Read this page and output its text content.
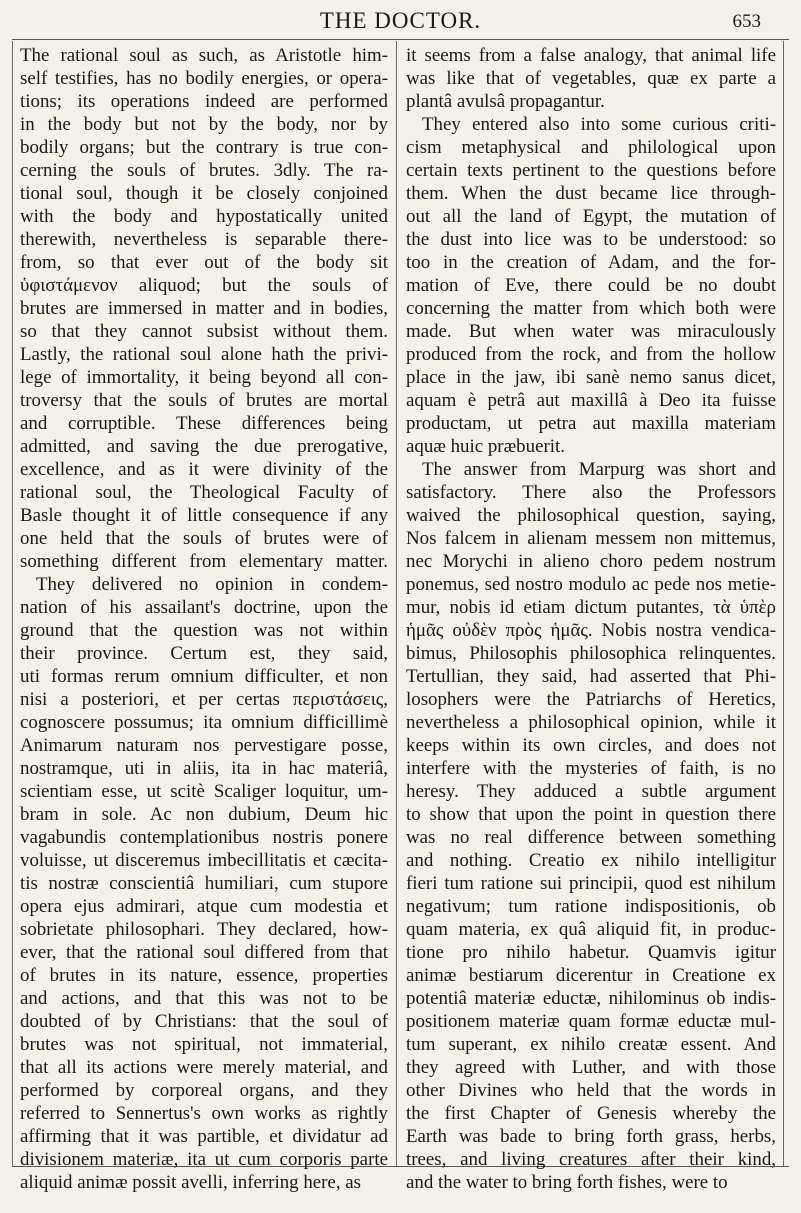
THE DOCTOR.	653
The rational soul as such, as Aristotle him-
self testifies, has no bodily energies, or opera-
tions; its operations indeed are performed
in the body but not by the body, nor by
bodily organs; but the contrary is true con-
cerning the souls of brutes. 3dly. The ra-
tional soul, though it be closely conjoined
with the body and hypostatically united
therewith, nevertheless is separable there-
from, so that ever out of the body sit
ὑφιστάμενον aliquod; but the souls of
brutes are immersed in matter and in bodies,
so that they cannot subsist without them.
Lastly, the rational soul alone hath the privi-
lege of immortality, it being beyond all con-
troversy that the souls of brutes are mortal
and corruptible. These differences being
admitted, and saving the due prerogative,
excellence, and as it were divinity of the
rational soul, the Theological Faculty of
Basle thought it of little consequence if any
one held that the souls of brutes were of
something different from elementary matter.
They delivered no opinion in condem-
nation of his assailant's doctrine, upon the
ground that the question was not within
their province. Certum est, they said,
uti formas rerum omnium difficulter, et non
nisi a posteriori, et per certas περιστάσεις,
cognoscere possumus; ita omnium difficillimè
Animarum naturam nos pervestigare posse,
nostramque, uti in aliis, ita in hac materiâ,
scientiam esse, ut scitè Scaliger loquitur, um-
bram in sole. Ac non dubium, Deum hic
vagabundis contemplationibus nostris ponere
voluisse, ut disceremus imbecillitatis et cæcita-
tis nostræ conscientiâ humiliari, cum stupore
opera ejus admirari, atque cum modestia et
sobrietate philosophari. They declared, how-
ever, that the rational soul differed from that
of brutes in its nature, essence, properties
and actions, and that this was not to be
doubted of by Christians: that the soul of
brutes was not spiritual, not immaterial,
that all its actions were merely material, and
performed by corporeal organs, and they
referred to Sennertus's own works as rightly
affirming that it was partible, et dividatur ad
divisionem materiæ, ita ut cum corporis parte
aliquid animæ possit avelli, inferring here, as
it seems from a false analogy, that animal life
was like that of vegetables, quæ ex parte a
plantâ avulsâ propagantur.
They entered also into some curious criti-
cism metaphysical and philological upon
certain texts pertinent to the questions before
them. When the dust became lice through-
out all the land of Egypt, the mutation of
the dust into lice was to be understood: so
too in the creation of Adam, and the for-
mation of Eve, there could be no doubt
concerning the matter from which both were
made. But when water was miraculously
produced from the rock, and from the hollow
place in the jaw, ibi sanè nemo sanus dicet,
aquam è petrâ aut maxillâ à Deo ita fuisse
productam, ut petra aut maxilla materiam
aquæ huic præbuerit.
The answer from Marpurg was short and
satisfactory. There also the Professors
waived the philosophical question, saying,
Nos falcem in alienam messem non mittemus,
nec Morychi in alieno choro pedem nostrum
ponemus, sed nostro modulo ac pede nos metie-
mur, nobis id etiam dictum putantes, τὰ ὑπὲρ
ἡμᾶς οὐδὲν πρὸς ἡμᾶς. Nobis nostra vendica-
bimus, Philosophis philosophica relinquentes.
Tertullian, they said, had asserted that Phi-
losophers were the Patriarchs of Heretics,
nevertheless a philosophical opinion, while it
keeps within its own circles, and does not
interfere with the mysteries of faith, is no
heresy. They adduced a subtle argument
to show that upon the point in question there
was no real difference between something
and nothing. Creatio ex nihilo intelligitur
fieri tum ratione sui principii, quod est nihilum
negativum; tum ratione indispositionis, ob
quam materia, ex quâ aliquid fit, in produc-
tione pro nihilo habetur. Quamvis igitur
animæ bestiarum dicerentur in Creatione ex
potentiâ materiæ eductæ, nihilominus ob indis-
positionem materiæ quam formæ eductæ mul-
tum superant, ex nihilo creatæ essent. And
they agreed with Luther, and with those
other Divines who held that the words in
the first Chapter of Genesis whereby the
Earth was bade to bring forth grass, herbs,
trees, and living creatures after their kind,
and the water to bring forth fishes, were to
